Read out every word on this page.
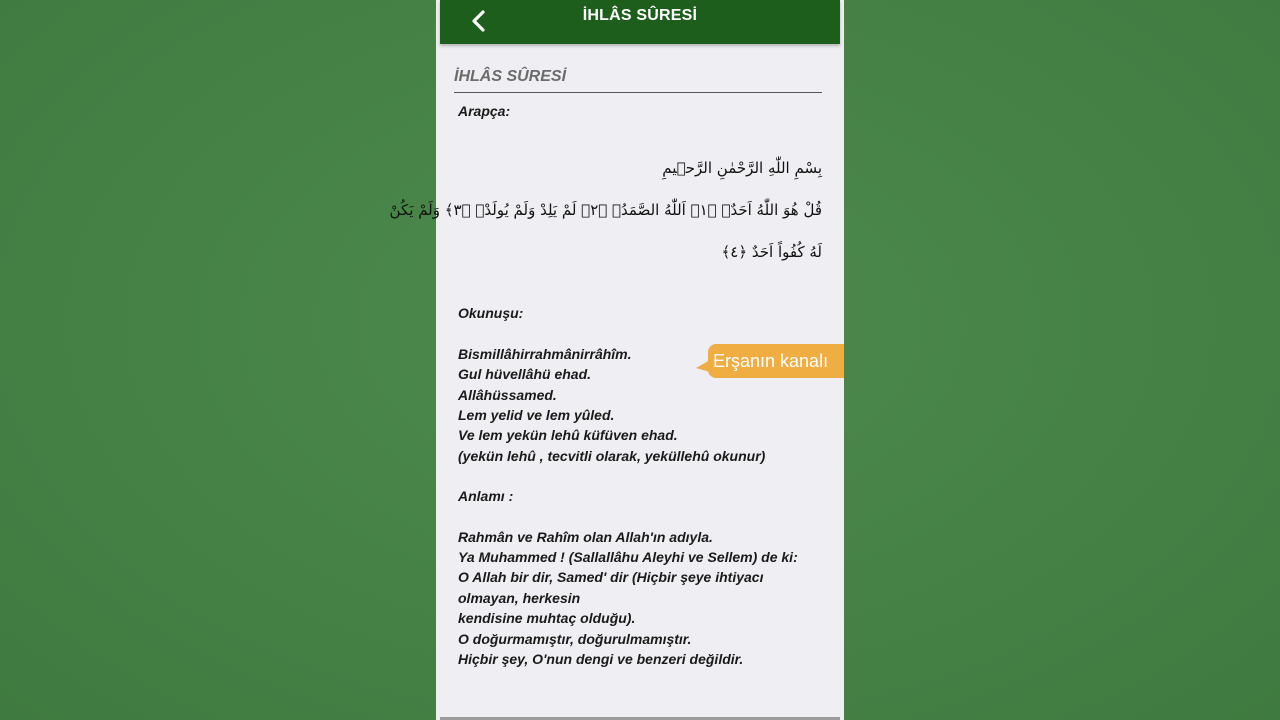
İHLÂS SÛRESİ
İHLÂS SÛRESİ
Arapça:
بِسْمِ اللّٰهِ الرَّحْمٰنِ الرَّح۪يمِ
قُلْ هُوَ اللّٰهُ اَحَدٌۚ ﴿١﴾ اَللّٰهُ الصَّمَدُۚ ﴿٢﴾ لَمْ يَلِدْ وَلَمْ يُولَدْۙ ﴿٣﴾ وَلَمْ يَكُنْ
لَهُ كُفُواً اَحَدٌ ﴿٤﴾
Okunuşu:
Bismillâhirrahmânirrâhîm.
Gul hüvellâhü ehad.
Allâhüssamed.
Lem yelid ve lem yûled.
Ve lem yekün lehû küfüven ehad.
(yekün lehû , tecvitli olarak, yeküllehû okunur)
Anlamı :
Rahmân ve Rahîm olan Allah'ın adıyla.
Ya Muhammed ! (Sallallâhu Aleyhi ve Sellem) de ki:
O Allah bir dir, Samed' dir (Hiçbir şeye ihtiyacı
olmayan, herkesin
kendisine muhtaç olduğu).
O doğurmamıştır, doğurulmamıştır.
Hiçbir şey, O'nun dengi ve benzeri değildir.
Erşanın kanalı
